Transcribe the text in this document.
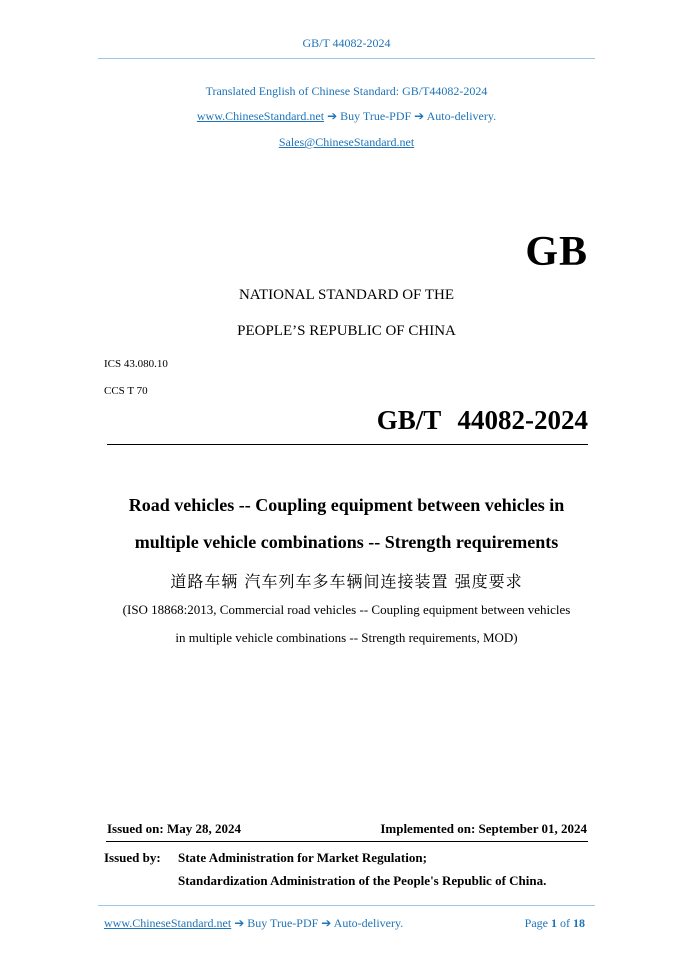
GB/T 44082-2024
Translated English of Chinese Standard: GB/T44082-2024
www.ChineseStandard.net ➔ Buy True-PDF ➔ Auto-delivery.
Sales@ChineseStandard.net
GB
NATIONAL STANDARD OF THE
PEOPLE’S REPUBLIC OF CHINA
ICS 43.080.10
CCS T 70
GB/T 44082-2024
Road vehicles -- Coupling equipment between vehicles in
multiple vehicle combinations -- Strength requirements
道路车辆 汽车列车多车辆间连接装置 强度要求
(ISO 18868:2013, Commercial road vehicles -- Coupling equipment between vehicles
in multiple vehicle combinations -- Strength requirements, MOD)
Issued on: May 28, 2024	Implemented on: September 01, 2024
Issued by: State Administration for Market Regulation;
Standardization Administration of the People's Republic of China.
www.ChineseStandard.net ➔ Buy True-PDF ➔ Auto-delivery.	Page 1 of 18
